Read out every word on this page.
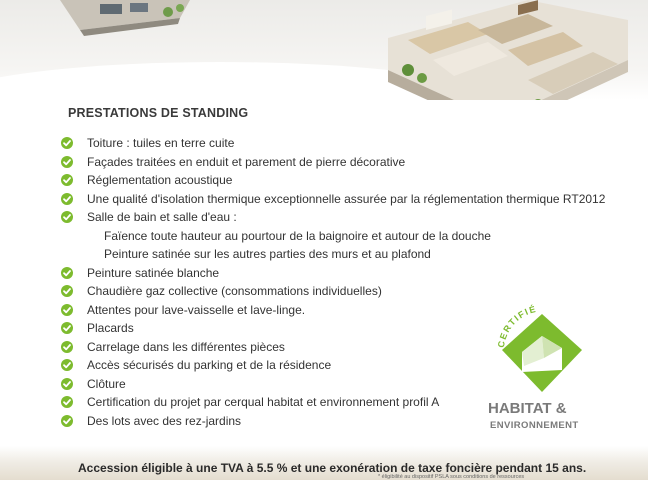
PRESTATIONS DE STANDING
Toiture : tuiles en terre cuite
Façades traitées en enduit et parement de pierre décorative
Réglementation acoustique
Une qualité d'isolation thermique exceptionnelle assurée par la réglementation thermique RT2012
Salle de bain et salle d'eau :
Faïence toute hauteur au pourtour de la baignoire et autour de la douche
Peinture satinée sur les autres parties des murs et au plafond
Peinture satinée blanche
Chaudière gaz collective (consommations individuelles)
Attentes pour lave-vaisselle et lave-linge.
Placards
Carrelage dans les différentes pièces
Accès sécurisés du parking et de la résidence
Clôture
Certification du projet par cerqual habitat et environnement profil A
Des lots avec des rez-jardins
CERTIFIÉ
HABITAT &
ENVIRONNEMENT
Accession éligible à une TVA à 5.5 % et une exonération de taxe foncière pendant 15 ans.
* éligibilité au dispositif PSLA sous conditions de ressources
